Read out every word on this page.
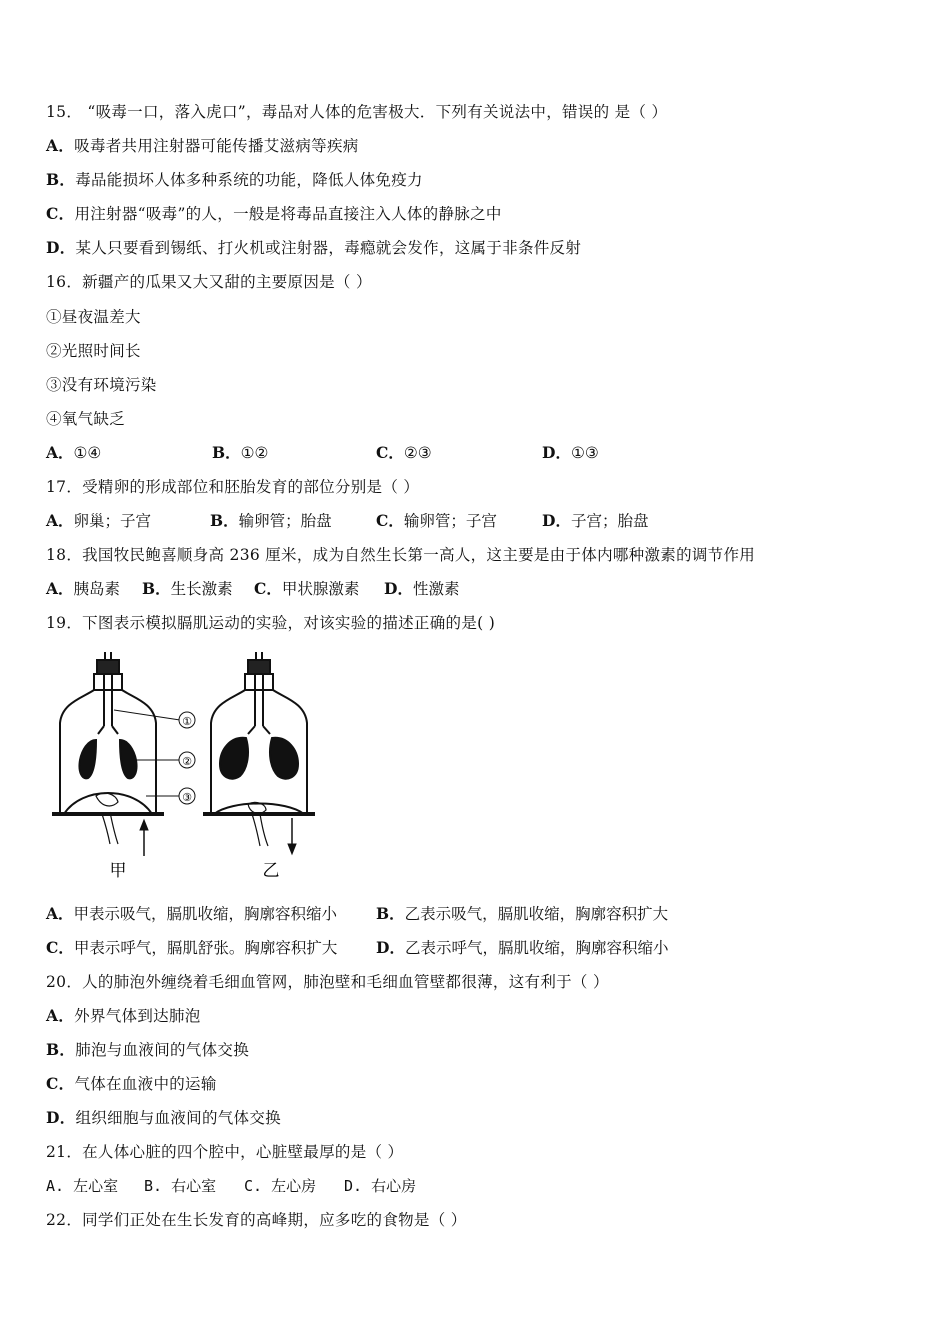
15． “吸毒一口，落入虎口”，毒品对人体的危害极大．下列有关说法中，错误的 是（ ）
A．吸毒者共用注射器可能传播艾滋病等疾病
B．毒品能损坏人体多种系统的功能，降低人体免疫力
C．用注射器“吸毒”的人，一般是将毒品直接注入人体的静脉之中
D．某人只要看到锡纸、打火机或注射器，毒瘾就会发作，这属于非条件反射
16．新疆产的瓜果又大又甜的主要原因是（ ）
①昼夜温差大
②光照时间长
③没有环境污染
④氧气缺乏
A．①④	B．①②	C．②③	D．①③
17．受精卵的形成部位和胚胎发育的部位分别是（ ）
A．卵巢；子宫	B．输卵管；胎盘	C．输卵管；子宫	D．子宫；胎盘
18．我国牧民鲍喜顺身高 236 厘米，成为自然生长第一高人，这主要是由于体内哪种激素的调节作用
A．胰岛素 B．生长激素 C．甲状腺激素 D．性激素
19．下图表示模拟膈肌运动的实验，对该实验的描述正确的是( )
①
②
③
甲	乙
A．甲表示吸气，膈肌收缩，胸廓容积缩小	B．乙表示吸气，膈肌收缩，胸廓容积扩大
C．甲表示呼气，膈肌舒张。胸廓容积扩大 D．乙表示呼气，膈肌收缩，胸廓容积缩小
20．人的肺泡外缠绕着毛细血管网，肺泡壁和毛细血管壁都很薄，这有利于（ ）
A．外界气体到达肺泡
B．肺泡与血液间的气体交换
C．气体在血液中的运输
D．组织细胞与血液间的气体交换
21．在人体心脏的四个腔中，心脏壁最厚的是（ ）
A. 左心室 B. 右心室 C. 左心房 D. 右心房
22．同学们正处在生长发育的高峰期，应多吃的食物是（ ）
